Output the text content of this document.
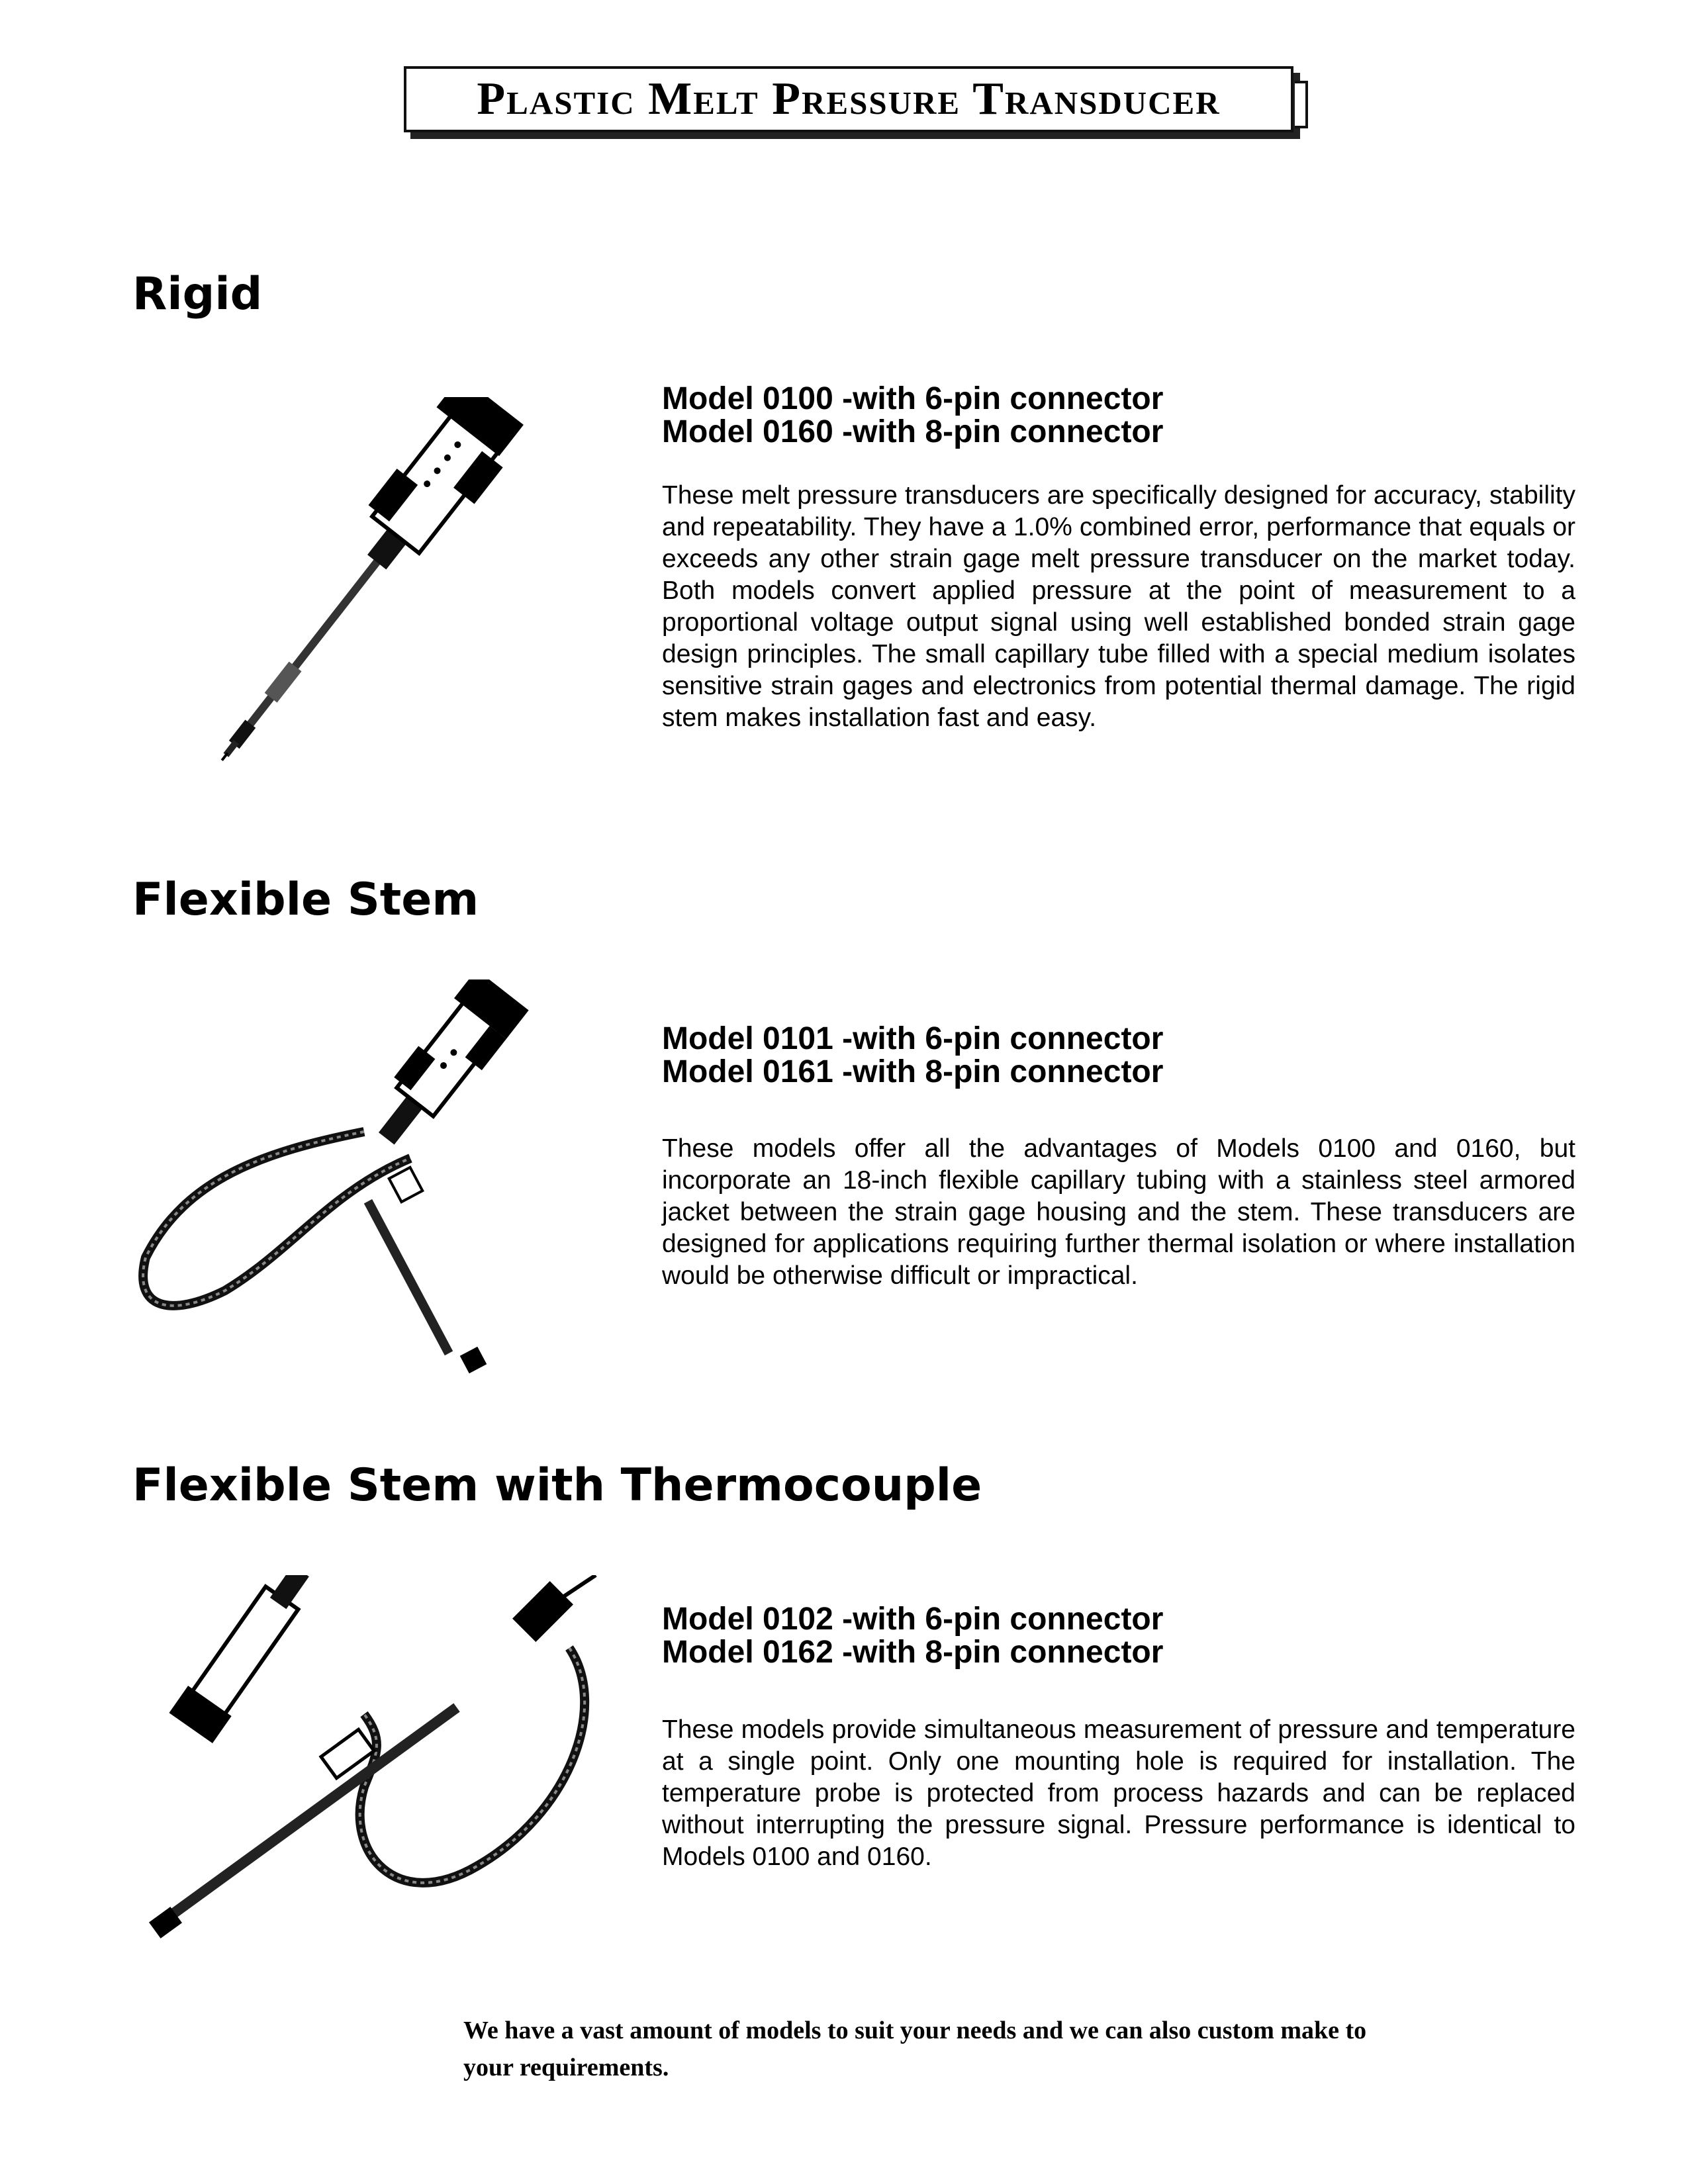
Plastic Melt Pressure Transducer
Rigid
Model 0100 -with 6-pin connector
Model 0160 -with 8-pin connector

These melt pressure transducers are specifically designed for accuracy, stability and repeatability. They have a 1.0% combined error, performance that equals or exceeds any other strain gage melt pressure transducer on the market today. Both models convert applied pressure at the point of measurement to a proportional voltage output signal using well established bonded strain gage design principles. The small capillary tube filled with a special medium isolates sensitive strain gages and electronics from potential thermal damage. The rigid stem makes installation fast and easy.

Flexible Stem
Model 0101 -with 6-pin connector
Model 0161 -with 8-pin connector

These models offer all the advantages of Models 0100 and 0160, but incorporate an 18-inch flexible capillary tubing with a stainless steel armored jacket between the strain gage housing and the stem. These transducers are designed for applications requiring further thermal isolation or where installation would be otherwise difficult or impractical.

Flexible Stem with Thermocouple
Model 0102 -with 6-pin connector
Model 0162 -with 8-pin connector

These models provide simultaneous measurement of pressure and temperature at a single point. Only one mounting hole is required for installation. The temperature probe is protected from process hazards and can be replaced without interrupting the pressure signal. Pressure performance is identical to Models 0100 and 0160.

We have a vast amount of models to suit your needs and we can also custom make to your requirements.
